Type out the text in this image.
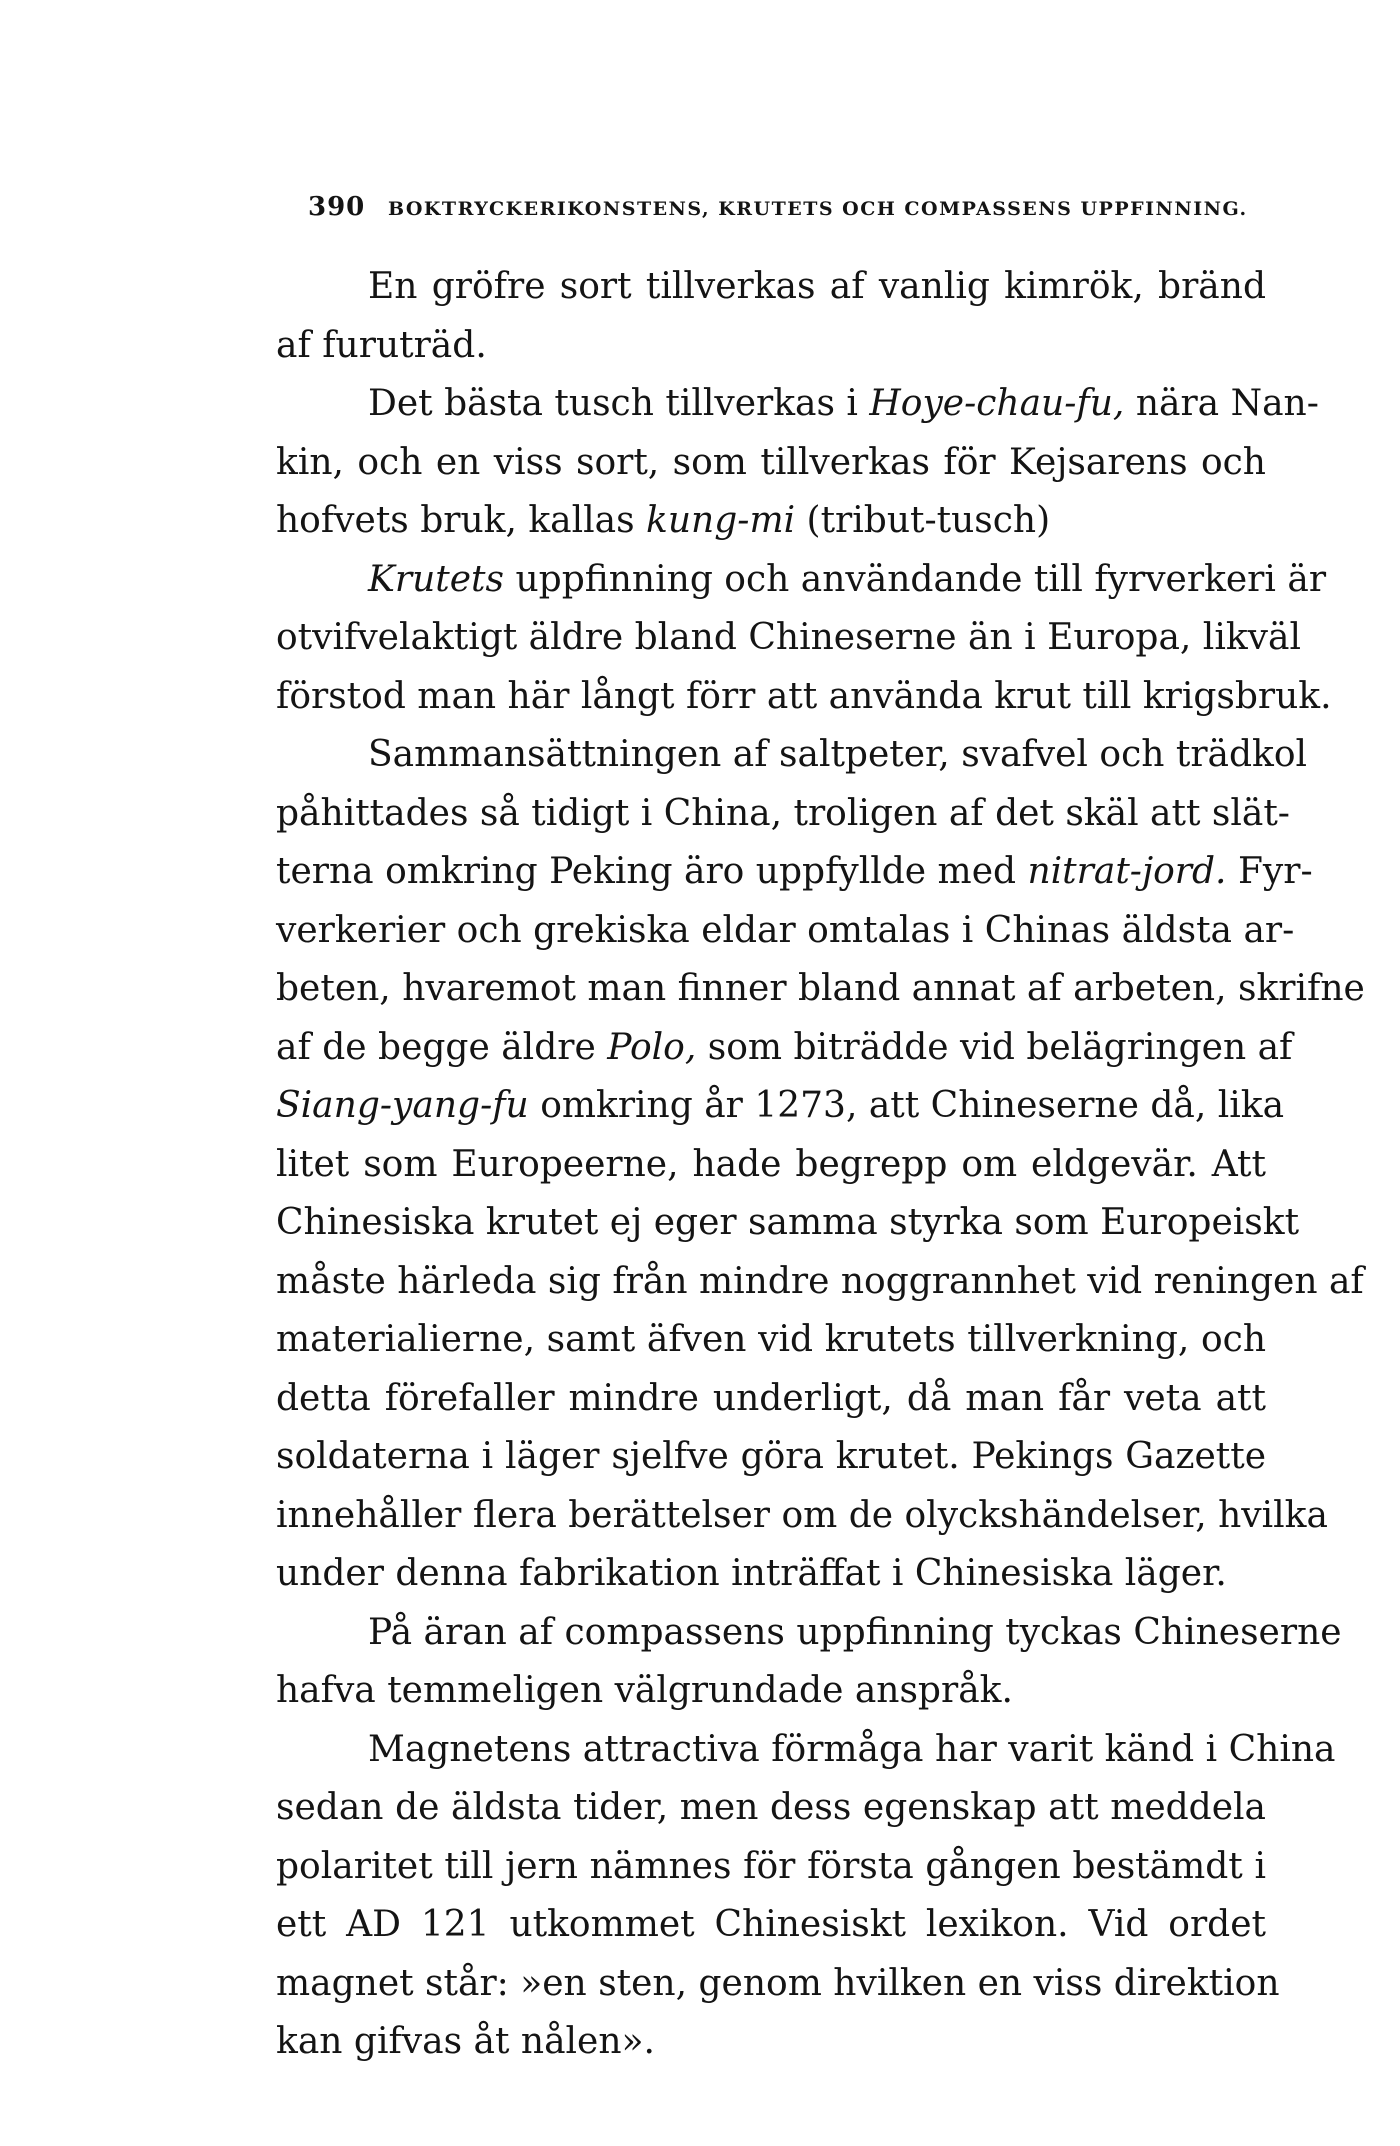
390 BOKTRYCKERIKONSTENS, KRUTETS OCH COMPASSENS UPPFINNING.
En gröfre sort tillverkas af vanlig kimrök, bränd
af furuträd.
Det bästa tusch tillverkas i Hoye-chau-fu, nära Nan-
kin, och en viss sort, som tillverkas för Kejsarens och
hofvets bruk, kallas kung-mi (tribut-tusch)
Krutets uppfinning och användande till fyrverkeri är
otvifvelaktigt äldre bland Chineserne än i Europa, likväl
förstod man här långt förr att använda krut till krigsbruk.
Sammansättningen af saltpeter, svafvel och trädkol
påhittades så tidigt i China, troligen af det skäl att slät-
terna omkring Peking äro uppfyllde med nitrat-jord. Fyr-
verkerier och grekiska eldar omtalas i Chinas äldsta ar-
beten, hvaremot man finner bland annat af arbeten, skrifne
af de begge äldre Polo, som biträdde vid belägringen af
Siang-yang-fu omkring år 1273, att Chineserne då, lika
litet som Europeerne, hade begrepp om eldgevär. Att
Chinesiska krutet ej eger samma styrka som Europeiskt
måste härleda sig från mindre noggrannhet vid reningen af
materialierne, samt äfven vid krutets tillverkning, och
detta förefaller mindre underligt, då man får veta att
soldaterna i läger sjelfve göra krutet. Pekings Gazette
innehåller flera berättelser om de olyckshändelser, hvilka
under denna fabrikation inträffat i Chinesiska läger.
På äran af compassens uppfinning tyckas Chineserne
hafva temmeligen välgrundade anspråk.
Magnetens attractiva förmåga har varit känd i China
sedan de äldsta tider, men dess egenskap att meddela
polaritet till jern nämnes för första gången bestämdt i
ett AD 121 utkommet Chinesiskt lexikon. Vid ordet
magnet står: »en sten, genom hvilken en viss direktion
kan gifvas åt nålen».
